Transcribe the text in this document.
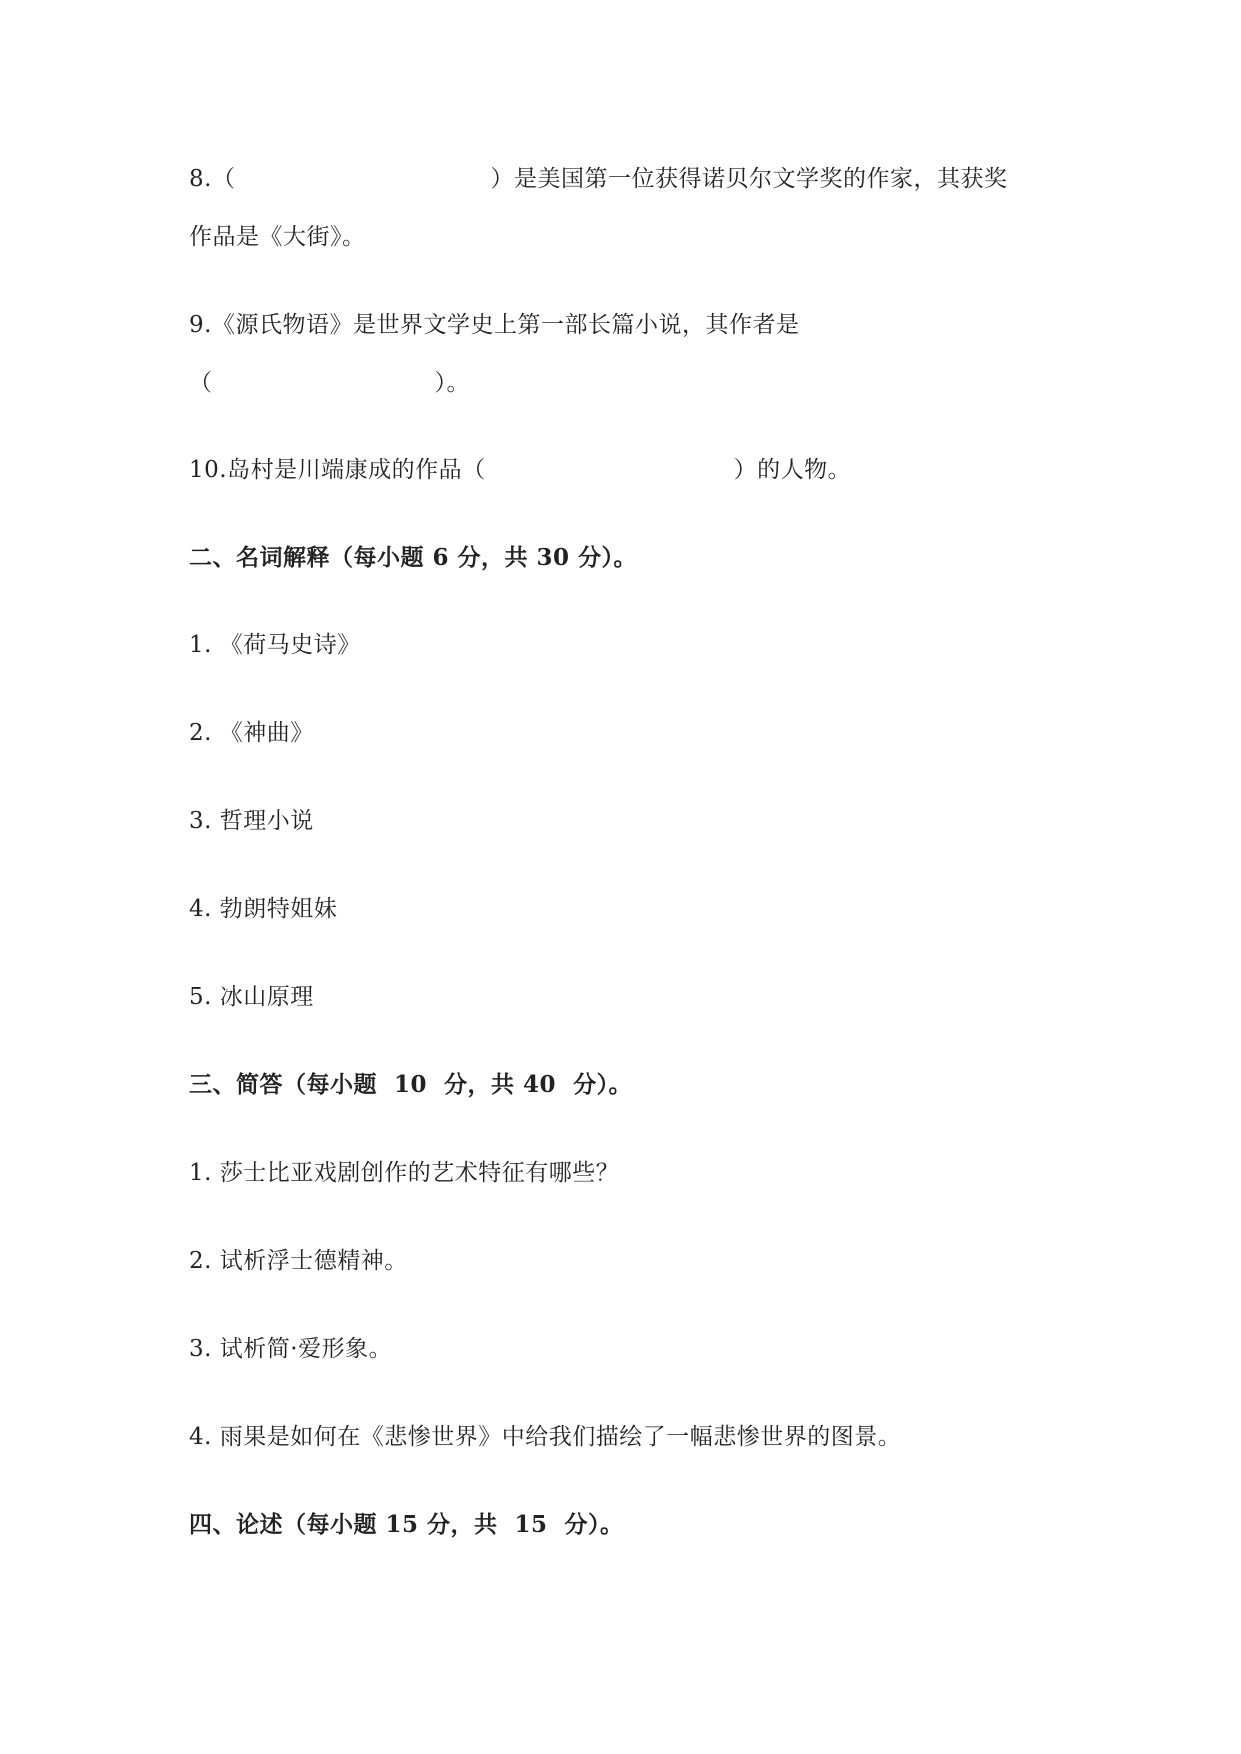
8.（	）是美国第一位获得诺贝尔文学奖的作家，其获奖
作品是《大街》。
9.《源氏物语》是世界文学史上第一部长篇小说，其作者是
（	）。
10.岛村是川端康成的作品（	）的人物。
二、名词解释（每小题 6 分，共 30 分）。
1. 《荷马史诗》
2. 《神曲》
3. 哲理小说
4. 勃朗特姐妹
5. 冰山原理
三、简答（每小题  10  分，共 40  分）。
1. 莎士比亚戏剧创作的艺术特征有哪些？
2. 试析浮士德精神。
3. 试析简·爱形象。
4. 雨果是如何在《悲惨世界》中给我们描绘了一幅悲惨世界的图景。
四、论述（每小题 15 分，共  15  分）。
